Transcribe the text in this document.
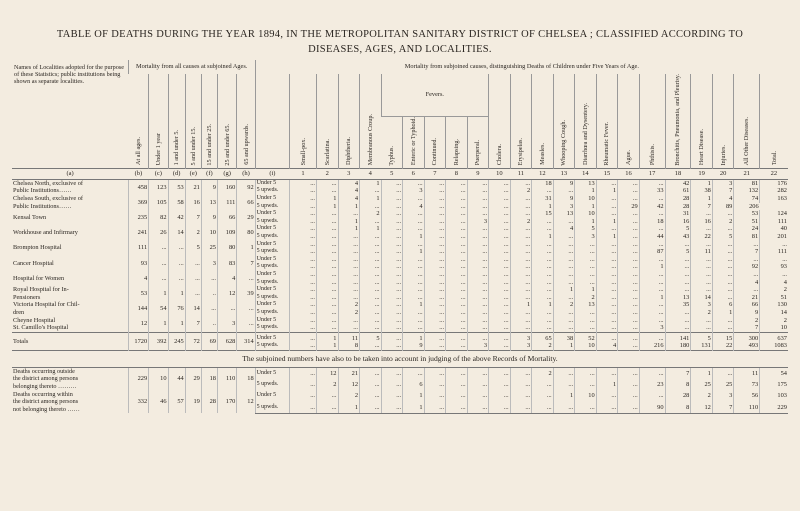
TABLE OF DEATHS DURING THE YEAR 1894, IN THE METROPOLITAN SANITARY DISTRICT OF CHELSEA ; CLASSIFIED ACCORDING TO
DISEASES, AGES, AND LOCALITIES.
Names of Localities adopted for the purpose of these Statistics; public institutions being shown as separate localities.	Mortality from all causes at subjoined Ages.							Mortality from subjoined causes, distinguishing Deaths of Children under Five Years of Age.																						
	At all ages.	Under 1 year	1 and under 5.	5 and under 15.	15 and under 25.	25 and under 65.	65 and upwards.		Small-pox.	Scarlatina.	Diphtheria.	Membranous Croup.	Fevers.					Cholera.	Erysipelas.	Measles.	Whooping Cough.	Diarrhœa and Dysentery.	Rheumatic Fever.	Ague.	Phthisis.	Bronchitis, Pneumonia, and Pleurisy.	Heart Disease.	Injuries.	All Other Diseases.	Total.
													Typhus.	Enteric or Typhoid.	Continued.	Relapsing.	Puerperal.													
(a)	(b)	(c)	(d)	(e)	(f)	(g)	(h)	(i)	1	2	3	4	5	6	7	8	9	10	11	12	13	14	15	16	17	18	19	20	21	22
Chelsea North, exclusive of
Public Institutions……	458	123	53	21	9	160	92	Under 5	...	...	4	1	...	...	...	...	...	...	...	18	9	13	...	...	...	42	1	3	81	176
								5 upwds.	...	...	4	...	...	3	...	...	...	...	2	...	...	1	1	...	33	61	38	7	132	282
Chelsea South, exclusive of
Public Institutions……	369	105	58	16	13	111	66	Under 5	...	1	4	1	...	...	...	...	...	...	...	31	9	10	...	...	...	28	1	4	74	163
								5 upwds.	...	1	1	...	...	4	...	...	...	...	...	1	3	1	...	29	42	28	7	89	206	
Kensal Town	235	82	42	7	9	66	29	Under 5	...	...	...	2	...	...	...	...	...	...	...	15	13	10	...	...	...	31	...	...	53	124
								5 upwds.	...	...	1	...	...	...	...	...	3	...	2	...	...	1	1	...	18	16	16	2	51	111
Workhouse and Infirmary	241	26	14	2	10	109	80	Under 5	...	...	1	1	...	...	...	...	...	...	...	...	4	5	...	...	...	5	...	...	24	40
								5 upwds.	...	...	...	...	...	1	...	...	...	...	...	1	...	3	1	...	44	43	22	5	81	201
Brompton Hospital	111	...	...	5	25	80	1	Under 5	...	...	...	...	...	...	...	...	...	...	...	...	...	...	...	...	...	...	...	...	...	...
								5 upwds.	...	...	...	...	...	1	...	...	...	...	...	...	...	...	...	...	87	5	11	...	7	111
Cancer Hospital	93	...	...	...	3	83	7	Under 5	...	...	...	...	...	...	...	...	...	...	...	...	...	...	...	...	...	...	...	...	...	...
								5 upwds.	...	...	...	...	...	...	...	...	...	...	...	...	...	...	...	...	1	...	...	...	92	93
Hospital for Women	4	...	...	...	...	4	...	Under 5	...	...	...	...	...	...	...	...	...	...	...	...	...	...	...	...	...	...	...	...	...	...
								5 upwds.	...	...	...	...	...	...	...	...	...	...	...	...	...	...	...	...	...	...	...	...	4	4
Royal Hospital for In-
Pensioners	53	1	1	...	..	12	39	Under 5	...	...	...	...	...	...	...	...	...	...	...	...	1	1	...	...	...	...	...	...	...	2
								5 upwds.	...	...	...	...	...	...	...	...	...	...	...	...	...	2	...	...	1	13	14	...	21	51
Victoria Hospital for Chil-
dren	144	54	76	14	...	...	...	Under 5	...	...	2	...	...	1	...	...	...	...	1	1	2	13	...	...	...	35	3	6	66	130
								5 upwds.	...	...	2	...	...	...	...	...	...	...	...	...	...	...	...	...	...	...	2	1	9	14
Cheyne Hospital
St. Camillo's Hospital	12	1	1	7	..	3	...	Under 5	...	...	...	...	...	...	...	...	...	...	...	...	...	...	...	...	...	...	...	...	2	2
								5 upwds.	...	...	...	...	...	...	...	...	...	...	...	...	...	...	...	...	3	...	...	...	7	10
Totals	1720	392	245	72	69	628	314	Under 5	...	1	11	5	...	1	...	...	...	...	3	65	38	52	...	...	...	141	5	15	300	637
								5 upwds.	...	1	8	...	...	9	...	...	3	...	3	2	1	10	4	...	216	180	131	22	493	1083
The subjoined numbers have also to be taken into account in judging of the above Records of Mortality.																														
Deaths occurring outside
the district among persons
belonging thereto ………	229	10	44	29	18	110	18	Under 5	...	12	21	...	...	...	...	...	...	...	...	2	...	...	...	...	...	7	1	...	11	54
								5 upwds.	...	2	12	...	...	6	...	...	...	...	...	...	...	...	1	...	23	8	25	25	73	175
Deaths occurring within
the district among persons
not belonging thereto ……	332	46	57	19	28	170	12	Under 5	...	...	2	...	...	1	...	...	...	...	...	...	1	10	...	...	...	28	2	3	56	103
								5 upwds.	...	...	1	...	...	1	...	...	...	...	...	...	...	...	...	...	90	8	12	7	110	229
